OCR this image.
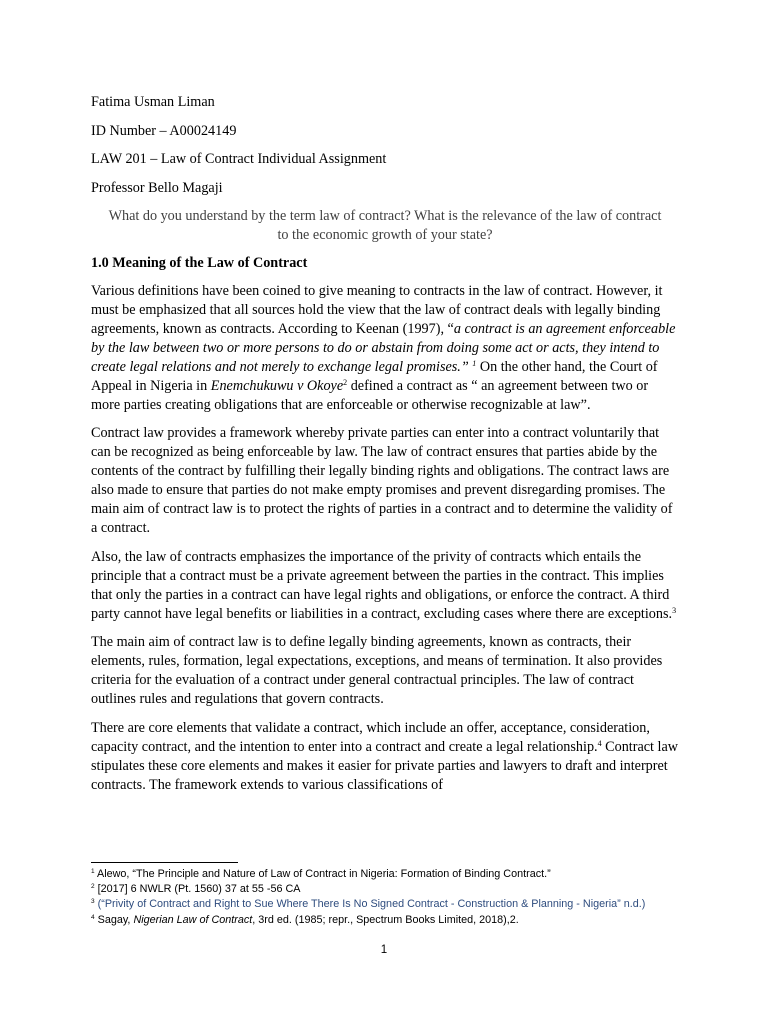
Fatima Usman Liman

ID Number – A00024149

LAW 201 – Law of Contract Individual Assignment

Professor Bello Magaji

What do you understand by the term law of contract? What is the relevance of the law of contract
to the economic growth of your state?

1.0 Meaning of the Law of Contract

Various definitions have been coined to give meaning to contracts in the law of contract. However, it must be emphasized that all sources hold the view that the law of contract deals with legally binding agreements, known as contracts. According to Keenan (1997), “a contract is an agreement enforceable by the law between two or more persons to do or abstain from doing some act or acts, they intend to create legal relations and not merely to exchange legal promises.” $^1$ On the other hand, the Court of Appeal in Nigeria in Enemchukuwu v Okoye$^2$ defined a contract as “ an agreement between two or more parties creating obligations that are enforceable or otherwise recognizable at law”.

Contract law provides a framework whereby private parties can enter into a contract voluntarily that can be recognized as being enforceable by law. The law of contract ensures that parties abide by the contents of the contract by fulfilling their legally binding rights and obligations. The contract laws are also made to ensure that parties do not make empty promises and prevent disregarding promises. The main aim of contract law is to protect the rights of parties in a contract and to determine the validity of a contract.

Also, the law of contracts emphasizes the importance of the privity of contracts which entails the principle that a contract must be a private agreement between the parties in the contract. This implies that only the parties in a contract can have legal rights and obligations, or enforce the contract. A third party cannot have legal benefits or liabilities in a contract, excluding cases where there are exceptions.$^3$

The main aim of contract law is to define legally binding agreements, known as contracts, their elements, rules, formation, legal expectations, exceptions, and means of termination. It also provides criteria for the evaluation of a contract under general contractual principles. The law of contract outlines rules and regulations that govern contracts.

There are core elements that validate a contract, which include an offer, acceptance, consideration, capacity contract, and the intention to enter into a contract and create a legal relationship.$^4$ Contract law stipulates these core elements and makes it easier for private parties and lawyers to draft and interpret contracts. The framework extends to various classifications of

$^1$ Alewo, “The Principle and Nature of Law of Contract in Nigeria: Formation of Binding Contract.”
$^2$ [2017] 6 NWLR (Pt. 1560) 37 at 55 -56 CA
$^3$ (“Privity of Contract and Right to Sue Where There Is No Signed Contract - Construction & Planning - Nigeria” n.d.)
$^4$ Sagay, Nigerian Law of Contract, 3rd ed. (1985; repr., Spectrum Books Limited, 2018),2.
1
